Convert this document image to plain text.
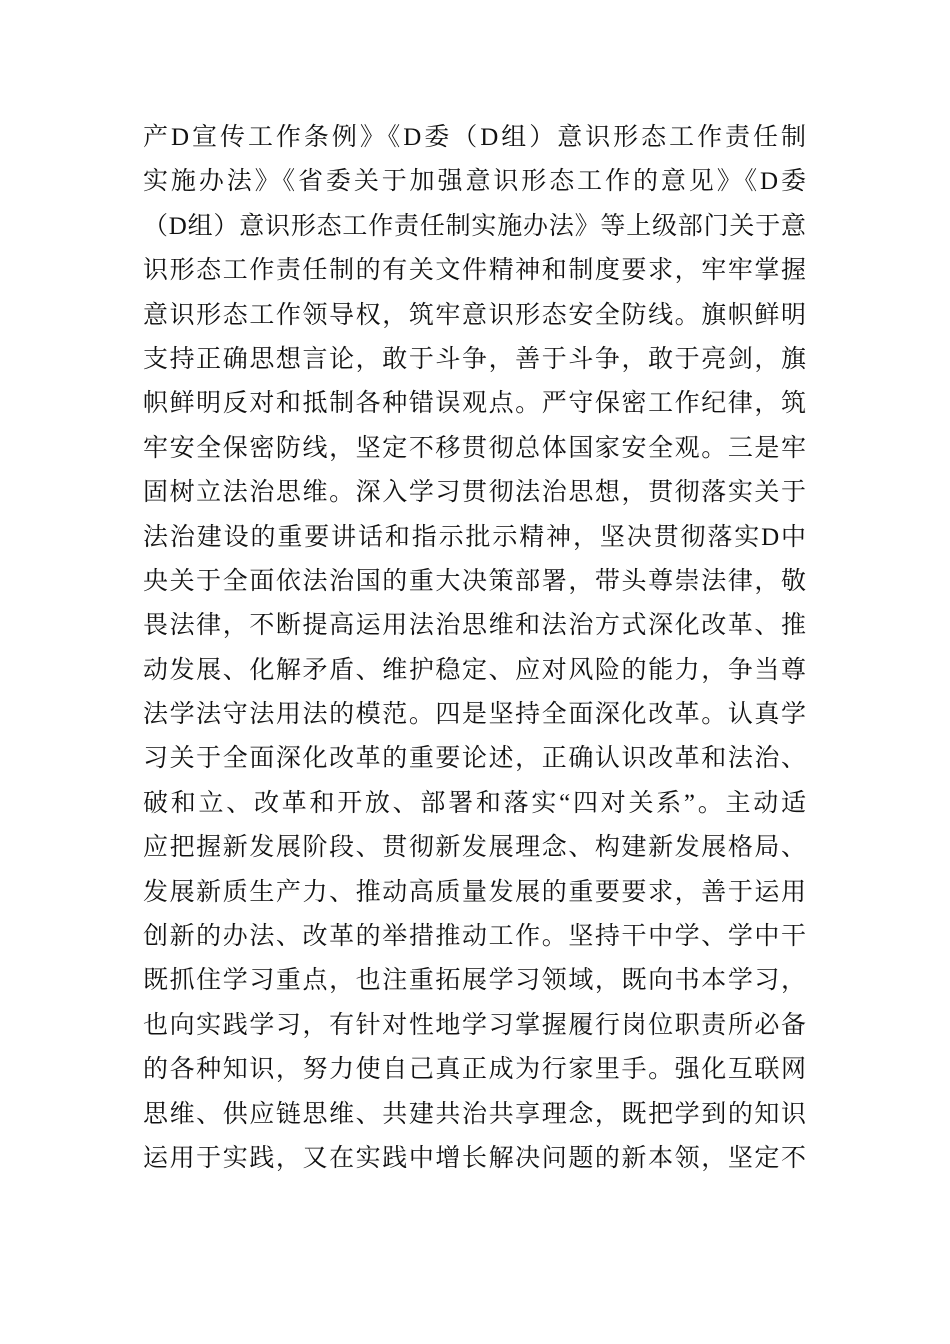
产D宣传工作条例》《D委（D组）意识形态工作责任制
实施办法》《省委关于加强意识形态工作的意见》《D委
（D组）意识形态工作责任制实施办法》等上级部门关于意
识形态工作责任制的有关文件精神和制度要求，牢牢掌握
意识形态工作领导权，筑牢意识形态安全防线。旗帜鲜明
支持正确思想言论，敢于斗争，善于斗争，敢于亮剑，旗
帜鲜明反对和抵制各种错误观点。严守保密工作纪律，筑
牢安全保密防线，坚定不移贯彻总体国家安全观。三是牢
固树立法治思维。深入学习贯彻法治思想，贯彻落实关于
法治建设的重要讲话和指示批示精神，坚决贯彻落实D中
央关于全面依法治国的重大决策部署，带头尊崇法律，敬
畏法律，不断提高运用法治思维和法治方式深化改革、推
动发展、化解矛盾、维护稳定、应对风险的能力，争当尊
法学法守法用法的模范。四是坚持全面深化改革。认真学
习关于全面深化改革的重要论述，正确认识改革和法治、
破和立、改革和开放、部署和落实“四对关系”。主动适
应把握新发展阶段、贯彻新发展理念、构建新发展格局、
发展新质生产力、推动高质量发展的重要要求，善于运用
创新的办法、改革的举措推动工作。坚持干中学、学中干
既抓住学习重点，也注重拓展学习领域，既向书本学习，
也向实践学习，有针对性地学习掌握履行岗位职责所必备
的各种知识，努力使自己真正成为行家里手。强化互联网
思维、供应链思维、共建共治共享理念，既把学到的知识
运用于实践，又在实践中增长解决问题的新本领，坚定不
